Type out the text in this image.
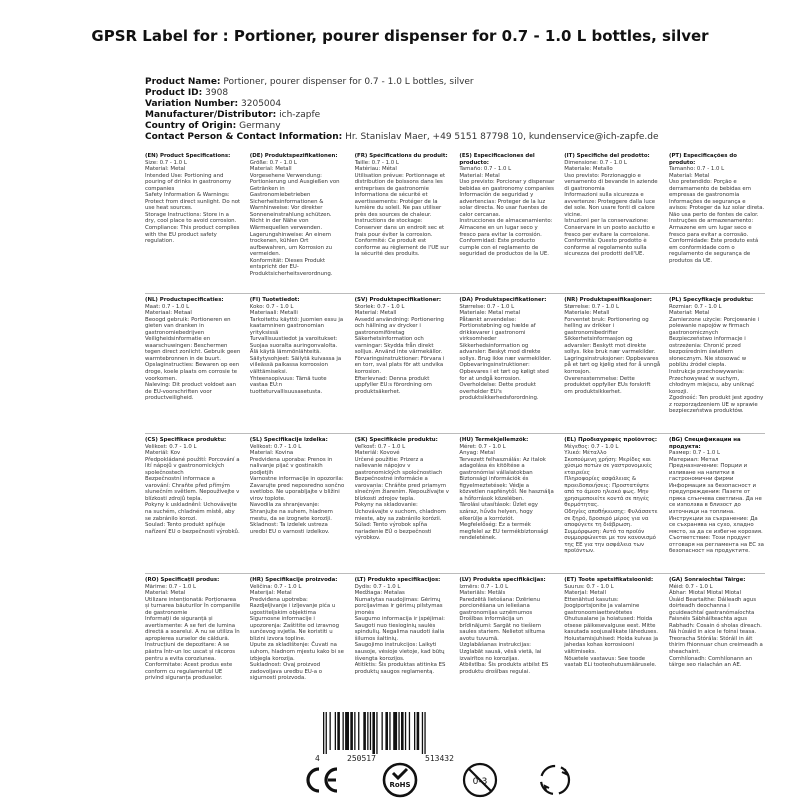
GPSR Label for : Portioner, pourer dispenser for 0.7 - 1.0 L bottles, silver
Product Name: Portioner, pourer dispenser for 0.7 - 1.0 L bottles, silver
Product ID: 3908
Variation Number: 3205004
Manufacturer/Distributor: ich-zapfe
Country of Origin: Germany
Contact Person & Contact Information: Hr. Stanislav Maer, +49 5151 87798 10, kundenservice@ich-zapfe.de
(EN) Product Specifications:

Size: 0.7 - 1.0 L
Material: Metal
Intended Use: Portioning and pouring of drinks in gastronomy companies
Safety Information & Warnings: Protect from direct sunlight. Do not use heat sources.
Storage Instructions: Store in a dry, cool place to avoid corrosion.
Compliance: This product complies with the EU product safety regulation.

(DE) Produktspezifikationen:

Größe: 0.7 - 1.0 L
Material: Metall
Vorgesehene Verwendung: Portionierung und Ausgießen von Getränken in Gastronomiebetrieben
Sicherheitsinformationen & Warnhinweise: Vor direkter Sonneneinstrahlung schützen. Nicht in der Nähe von Wärmequellen verwenden.
Lagerungshinweise: An einem trockenen, kühlen Ort aufbewahren, um Korrosion zu vermeiden.
Konformität: Dieses Produkt entspricht der EU-Produktsicherheitsverordnung.

(FR) Spécifications du produit:

Taille: 0.7 - 1.0 L
Matériau: Métal
Utilisation prévue: Portionnage et distribution de boissons dans les entreprises de gastronomie
Informations de sécurité et avertissements: Protéger de la lumière du soleil. Ne pas utiliser près des sources de chaleur.
Instructions de stockage: Conserver dans un endroit sec et frais pour éviter la corrosion.
Conformité: Ce produit est conforme au règlement de l'UE sur la sécurité des produits.

(ES) Especificaciones del producto:

Tamaño: 0.7 - 1.0 L
Material: Metal
Uso previsto: Porcionar y dispensar bebidas en gastronomy companies
Información de seguridad y advertencias: Proteger de la luz solar directa. No usar fuentes de calor cercanas.
Instrucciones de almacenamiento: Almacene en un lugar seco y fresco para evitar la corrosión.
Conformidad: Este producto cumple con el reglamento de seguridad de productos de la UE.

(IT) Specifiche del prodotto:

Dimensione: 0.7 - 1.0 L
Materiale: Metallo
Uso previsto: Porzionaggio e versamento di bevande in aziende di gastronomia
Informazioni sulla sicurezza e avvertenze: Proteggere dalla luce del sole. Non usare fonti di calore vicine.
Istruzioni per la conservazione: Conservare in un posto asciutto e fresco per evitare la corrosione.
Conformità: Questo prodotto è conforme al regolamento sulla sicurezza dei prodotti dell'UE.

(PT) Especificações do produto:

Tamanho: 0.7 - 1.0 L
Material: Metal
Uso pretendido: Porção e derramamento de bebidas em empresas de gastronomia
Informações de segurança e avisos: Proteger da luz solar direta. Não usa perto de fontes de calor.
Instruções de armazenamento: Armazene em um lugar seco e fresco para evitar a corrosão.
Conformidade: Este produto está em conformidade com o regulamento de segurança de produtos da UE.

(NL) Productspecificaties:

Maat: 0.7 - 1.0 L
Materiaal: Metaal
Beoogd gebruik: Portioneren en gieten van dranken in gastronomiebedrijven
Veiligheidsinformatie en waarschuwingen: Beschermen tegen direct zonlicht. Gebruik geen warmtebronnen in de buurt.
Opslaginstructies: Bewaren op een droge, koele plaats om corrosie te voorkomen.
Naleving: Dit product voldoet aan de EU-voorschriften voor productveiligheid.

(FI) Tuotetiedot:

Koko: 0.7 - 1.0 L
Materiaali: Metalli
Tarkoitettu käyttö: Juomien essu ja kaatamninen gastronomian yrityksissä
Turvallisuustiedot ja varoitukset: Suojaa suoralta auringonvalolta. Älä käytä lämmönlähteitä.
Säilytysohjeet: Säilytä kuivassa ja viileässä paikassa korroosion välttämiseksi.
Yhteensopivuus: Tämä tuote vastaa EU:n tuotteturvallisuusasetusta.

(SV) Produktspecifikationer:

Storlek: 0.7 - 1.0 L
Material: Metall
Avsedd användning: Portionering och hällning av drycker i gastronomiföretag
Säkerhetsinformation och varningar: Skydda från direkt solljus. Använd inte värmekällor.
Förvaringsinstruktioner: Förvara i en torr, sval plats för att undvika korrosion.
Efterlevnad: Denna produkt uppfyller EU:s förordning om produktsäkerhet.

(DA) Produktspecifikationer:

Størrelse: 0.7 - 1.0 L
Materiale: Metal metal
Påtænkt anvendelse: Portionstøbning og hælde af drikkevarer i gastronomi virksomheder
Sikkerhedsinformation og advarsler: Beskyt mod direkte sollys. Brug ikke nær varmekilder.
Opbevaringsinstruktioner: Opbevares i et tørt og køligt sted for at undgå korrosion.
Overholdelse: Dette produkt overholder EU's produktsikkerhedsforordning.

(NR) Produktspesifikasjoner:

Størrelse: 0.7 - 1.0 L
Materiale: Metall
Forventet bruk: Portionering og helling av drikker i gastronomibedrifter
Sikkerhetsinformasjon og advarsler: Beskytt mot direkte sollys. Ikke bruk nær varmekilder.
Lagringsinstruksjoner: Oppbevares på et tørt og kjølig sted for å unngå korrosjon.
Overensstemmelse: Dette produktet oppfyller EUs forskrift om produktsikkerhet.

(PL) Specyfikacje produktu:

Rozmiar: 0.7 - 1.0 L
Materiał: Metal
Zamierzone użycie: Porcjowanie i polewanie napojów w firmach gastronomicznych
Bezpieczeństwo informacje i ostrzeżenia: Chronić przed bezpośrednim światłem słonecznym. Nie stosować w pobliżu źródeł ciepła.
Instrukcje przechowywania: Przechowywać w suchym, chłodnym miejscu, aby uniknąć korozji.
Zgodność: Ten produkt jest zgodny z rozporządzeniem UE w sprawie bezpieczeństwa produktów.

(CS) Specifikace produktu:

Velikost: 0.7 - 1.0 L
Materiál: Kov
Předpokládané použití: Porcování a lití nápojů v gastronomických společnostech
Bezpečnostní informace a varování: Chraňte před přímým slunečním světlem. Nepoužívejte v blízkosti zdrojů tepla.
Pokyny k uskladnění: Uchovávejte na suchém, chladném místě, aby se zabránilo korozi.
Soulad: Tento produkt splňuje nařízení EU o bezpečnosti výrobků.

(SL) Specifikacije izdelka:

Velikost: 0.7 - 1.0 L
Material: Kovina
Predvidena uporaba: Prenos in nalivanje pijač v gostinskih podjetjih
Varnostne informacije in opozorila: Zavarujte pred neposredno sončno svetlobo. Ne uporabljajte v bližini virov toplote.
Navodila za shranjevanje: Shranjujte na suhem, hladnem mestu, da se izognete koroziji.
Skladnost: Ta izdelek ustreza uredbi EU o varnosti izdelkov.

(SK) Špecifikácie produktu:

Veľkosť: 0.7 - 1.0 L
Materiál: Kovové
Určené použitie: Prizerz a nalievanie nápojov v gastronomických spoločnostiach
Bezpečnostné informácie a varovania: Chráňte pred priamym slnečným žiarením. Nepoužívajte v blízkosti zdrojov tepla.
Pokyny na skladovanie: Uchovávajte v suchom, chladnom mieste, aby sa zabránilo korózii.
Súlad: Tento výrobok spĺňa nariadenie EÚ o bezpečnosti výrobkov.

(HU) Termékjellemzők:

Méret: 0.7 - 1.0 L
Anyag: Metal
Tervezett felhasználás: Az italok adagolása és kitöltése a gastronómiai vállalatokban
Biztonsági információk és figyelmeztetések: Védje a közvetlen napfénytől. Ne használja a hőforrások közelében.
Tárolási utasítások: Üzlet egy száraz, hűvös helyen, hogy elkerülje a korróziót.
Megfelelőség: Ez a termék megfelel az EU termékbiztonsági rendeletének.

(EL) Προδιαγραφές προϊόντος:

Μέγεθος: 0.7 - 1.0 L
Υλικό: Μέταλλο
Σκοπούμενη χρήση: Μερίδες και χύσιμο ποτών σε γαστρονομικές εταιρείες
Πληροφορίες ασφάλειας & προειδοποιήσεις: Προστατέψτε από το άμεσο ηλιακό φως. Μην χρησιμοποιείτε κοντά σε πηγές θερμότητας.
Οδηγίες αποθήκευσης: Φυλάσσετε σε ξηρό, δροσερό μέρος για να αποφύγετε τη διάβρωση.
Συμμόρφωση: Αυτό το προϊόν συμμορφώνεται με τον κανονισμό της ΕΕ για την ασφάλεια των προϊόντων.

(BG) Спецификации на продукта:

Размер: 0.7 - 1.0 L
Материал: Метал
Предназначение: Порции и изливане на напитки в гастрономични фирми
Информация за безопасност и предупреждения: Пазете от пряка слънчева светлина. Да не се използва в близост до източници на топлина.
Инструкции за съхранение: Да се съхранява на сухо, хладно място, за да се избегне корозия.
Съответствие: Този продукт отговаря на регламента на ЕС за безопасност на продуктите.

(RO) Specificații produs:

Mărime: 0.7 - 1.0 L
Material: Metal
Utilizare intenționată: Porționarea și turnarea băuturilor în companiile de gastronomie
Informații de siguranță și avertismente: A se feri de lumina directă a soarelui. A nu se utiliza în apropierea surselor de căldură.
Instrucțiuni de depozitare: A se păstra într-un loc uscat și răcoros pentru a evita coroziunea.
Conformitate: Acest produs este conform cu regulamentul UE privind siguranța produselor.

(HR) Specifikacije proizvoda:

Veličina: 0.7 - 1.0 L
Materijal: Metal
Predviđena upotreba: Razdjeljivanje i izljevanje pića u ugostiteljskim objektima
Sigurnosne informacije i upozorenja: Zaštitite od izravnog sunčevog svjetla. Ne koristiti u blizini izvora topline.
Upute za skladištenje: Čuvati na suhom, hladnom mjestu kako bi se izbjegla korozija.
Sukladnost: Ovaj proizvod zadovoljava uredbu EU-a o sigurnosti proizvoda.

(LT) Produkto specifikacijos:

Dydis: 0.7 - 1.0 L
Medžiaga: Metalas
Numatytas naudojimas: Gėrimų porcijavimas ir gėrimų pilstymas įmonės
Saugumo informacija ir įspėjimai: Saugoti nuo tiesioginių saulės spindulių. Negalima naudoti šalia šilumos šaltinių.
Saugojimo instrukcijos: Laikyti sausoje, vėsioje vietoje, kad būtų išvengta korozijos.
Atitiktis: Šis produktas atitinka ES produktų saugos reglamentą.

(LV) Produkta specifikācijas:

Izmērs: 0.7 - 1.0 L
Materiāls: Metāls
Paredzētā lietošana: Dzērienu porcionēšana un ieliešana gastronomijas uzņēmumos
Drošības informācija un brīdinājumi: Sargāt no tiešiem saules stariem. Nelietot siltuma avotu tuvumā.
Uzglabāšanas instrukcijas: Uzglabāt sausā, vēsā vietā, lai izvairītos no korozijas.
Atbilstība: Šis produkts atbilst ES produktu drošības regulai.

(ET) Toote spetsifikatsioonid:

Suurus: 0.7 - 1.0 L
Materjal: Metall
Ettenähtud kasutus: Joogiportsjonite ja valamine gastronoomiaettevõtetes
Ohutusalane ja hoiatused: Hoida otsese päikesevalguse eest. Mitte kasutada soojusallikate läheduses.
Hoiustamisjuhised: Hoida kuivas ja jahedas kohas korrosiooni vältimiseks.
Nõuetele vastavus: See toode vastab ELi tooteohutusmäärusele.

(GA) Sonraíochtaí Táirge:

Méid: 0.7 - 1.0 L
Ábhar: Miotal Miotal Miotal
Úsáid Beartaithe: Dáileadh agus doirteadh deochanna i gcuideachtaí gastranómaíochta
Faisnéis Sábháilteachta agus Rabhadh: Cosain ó sholas díreach. Ná húsáid in aice le foinsí teasa.
Treoracha Stórála: Stóráil in áit thirim fhionnuar chun creimeadh a sheachaint.
Comhlíonadh: Comhlíonann an táirge seo rialachán an AE.

4	250517	513432
RoHS	0-3
